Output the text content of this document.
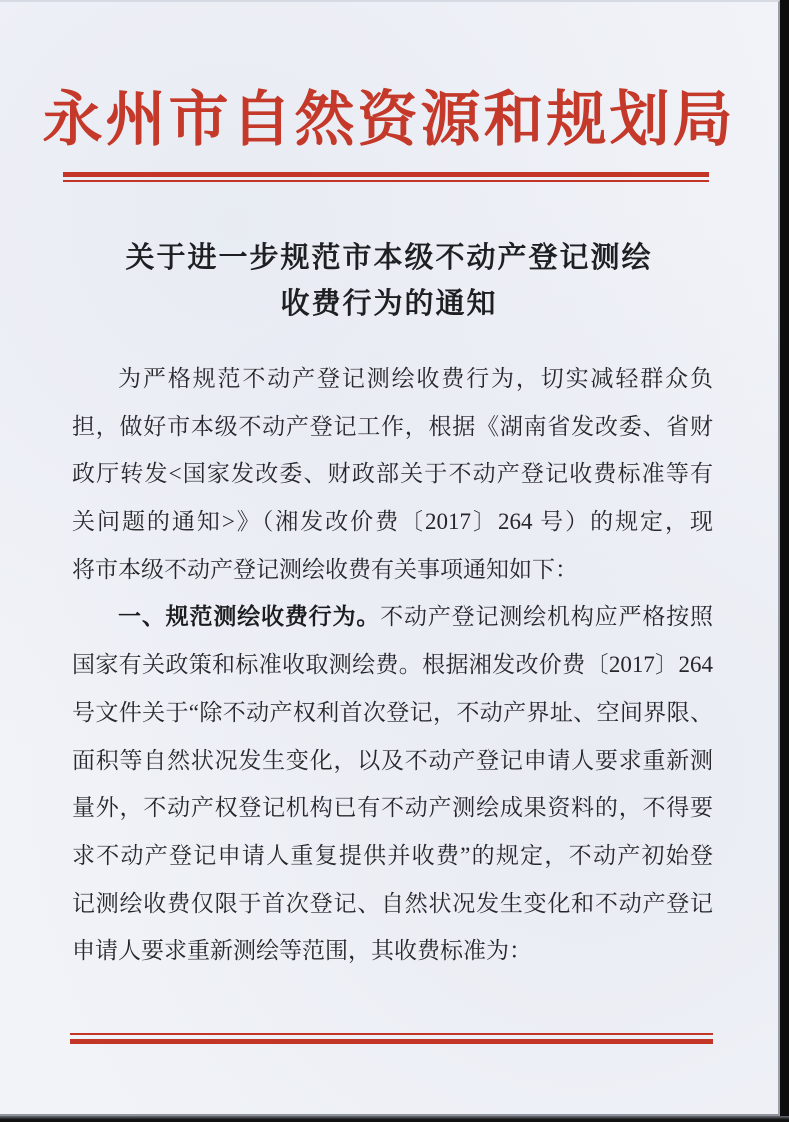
永州市自然资源和规划局
关于进一步规范市本级不动产登记测绘
收费行为的通知
为严格规范不动产登记测绘收费行为，切实减轻群众负
担，做好市本级不动产登记工作，根据《湖南省发改委、省财
政厅转发<国家发改委、财政部关于不动产登记收费标准等有
关问题的通知>》（湘发改价费〔2017〕264 号）的规定，现
将市本级不动产登记测绘收费有关事项通知如下：
一、规范测绘收费行为。不动产登记测绘机构应严格按照
国家有关政策和标准收取测绘费。根据湘发改价费〔2017〕264
号文件关于“除不动产权利首次登记，不动产界址、空间界限、
面积等自然状况发生变化，以及不动产登记申请人要求重新测
量外，不动产权登记机构已有不动产测绘成果资料的，不得要
求不动产登记申请人重复提供并收费”的规定，不动产初始登
记测绘收费仅限于首次登记、自然状况发生变化和不动产登记
申请人要求重新测绘等范围，其收费标准为：
